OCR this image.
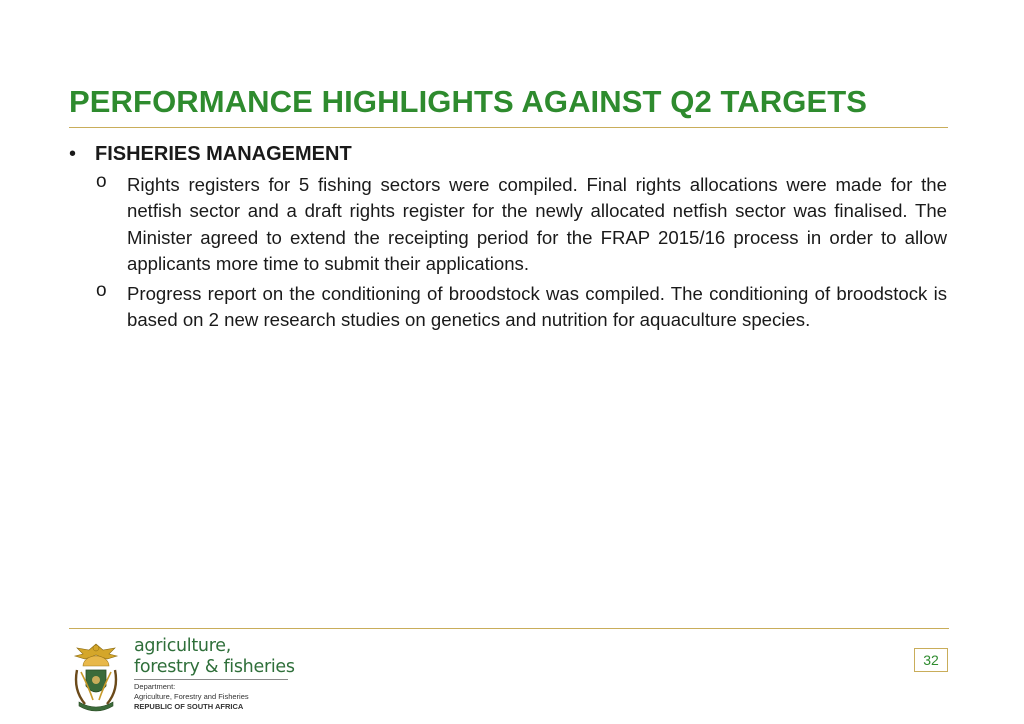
PERFORMANCE HIGHLIGHTS AGAINST Q2 TARGETS
• FISHERIES MANAGEMENT
o	Rights registers for 5 fishing sectors were compiled. Final rights allocations were made for the netfish sector and a draft rights register for the newly allocated netfish sector was finalised. The Minister agreed to extend the receipting period for the FRAP 2015/16 process in order to allow applicants more time to submit their applications.
o	Progress report on the conditioning of broodstock was compiled. The conditioning of broodstock is based on 2 new research studies on genetics and nutrition for aquaculture species.
agriculture,
forestry & fisheries
Department:
Agriculture, Forestry and Fisheries
REPUBLIC OF SOUTH AFRICA
32
